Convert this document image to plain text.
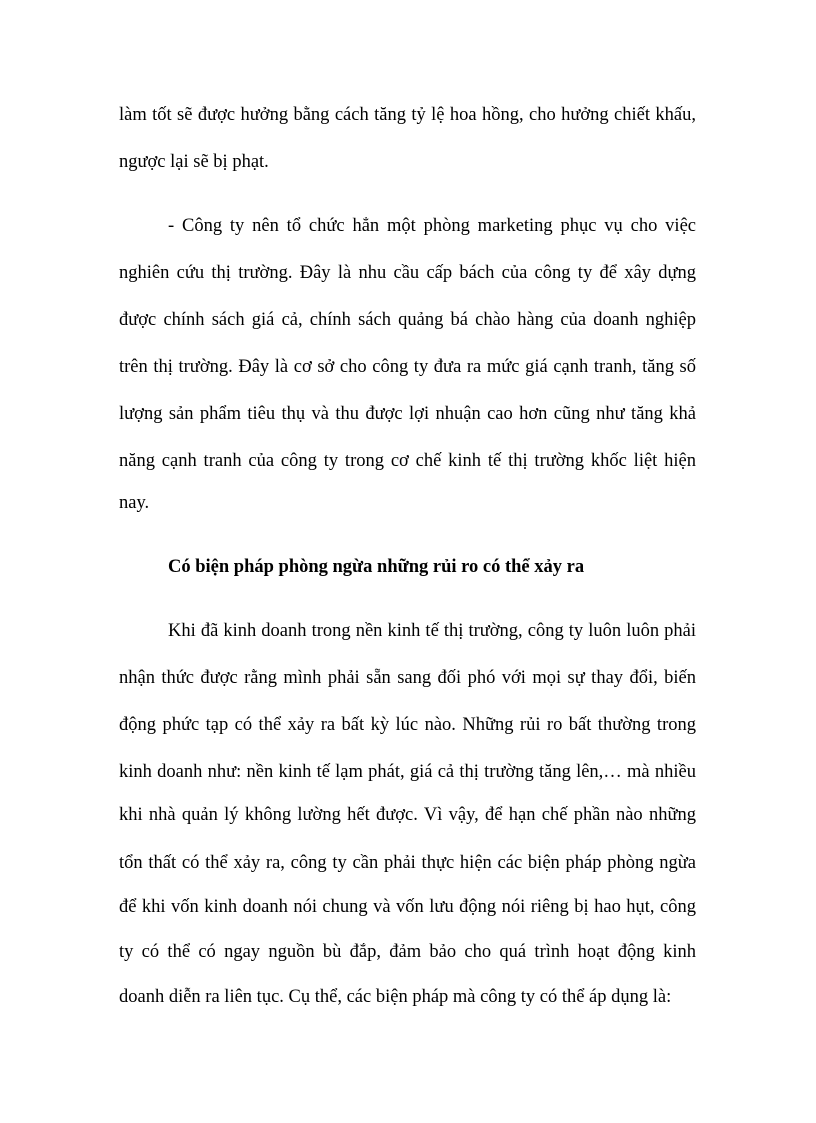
làm tốt sẽ được hưởng bằng cách tăng tỷ lệ hoa hồng, cho hưởng chiết khấu,
ngược lại sẽ bị phạt.
- Công ty nên tổ chức hẳn một phòng marketing phục vụ cho việc
nghiên cứu thị trường. Đây là nhu cầu cấp bách của công ty để xây dựng
được chính sách giá cả, chính sách quảng bá chào hàng của doanh nghiệp
trên thị trường. Đây là cơ sở cho công ty đưa ra mức giá cạnh tranh, tăng số
lượng sản phẩm tiêu thụ và thu được lợi nhuận cao hơn cũng như tăng khả
năng cạnh tranh của công ty trong cơ chế kinh tế thị trường khốc liệt hiện
nay.
Có biện pháp phòng ngừa những rủi ro có thể xảy ra
Khi đã kinh doanh trong nền kinh tế thị trường, công ty luôn luôn phải
nhận thức được rằng mình phải sẵn sang đối phó với mọi sự thay đổi, biến
động phức tạp có thể xảy ra bất kỳ lúc nào. Những rủi ro bất thường trong
kinh doanh như: nền kinh tế lạm phát, giá cả thị trường tăng lên,… mà nhiều
khi nhà quản lý không lường hết được. Vì vậy, để hạn chế phần nào những
tổn thất có thể xảy ra, công ty cần phải thực hiện các biện pháp phòng ngừa
để khi vốn kinh doanh nói chung và vốn lưu động nói riêng bị hao hụt, công
ty có thể có ngay nguồn bù đắp, đảm bảo cho quá trình hoạt động kinh
doanh diễn ra liên tục. Cụ thể, các biện pháp mà công ty có thể áp dụng là:
